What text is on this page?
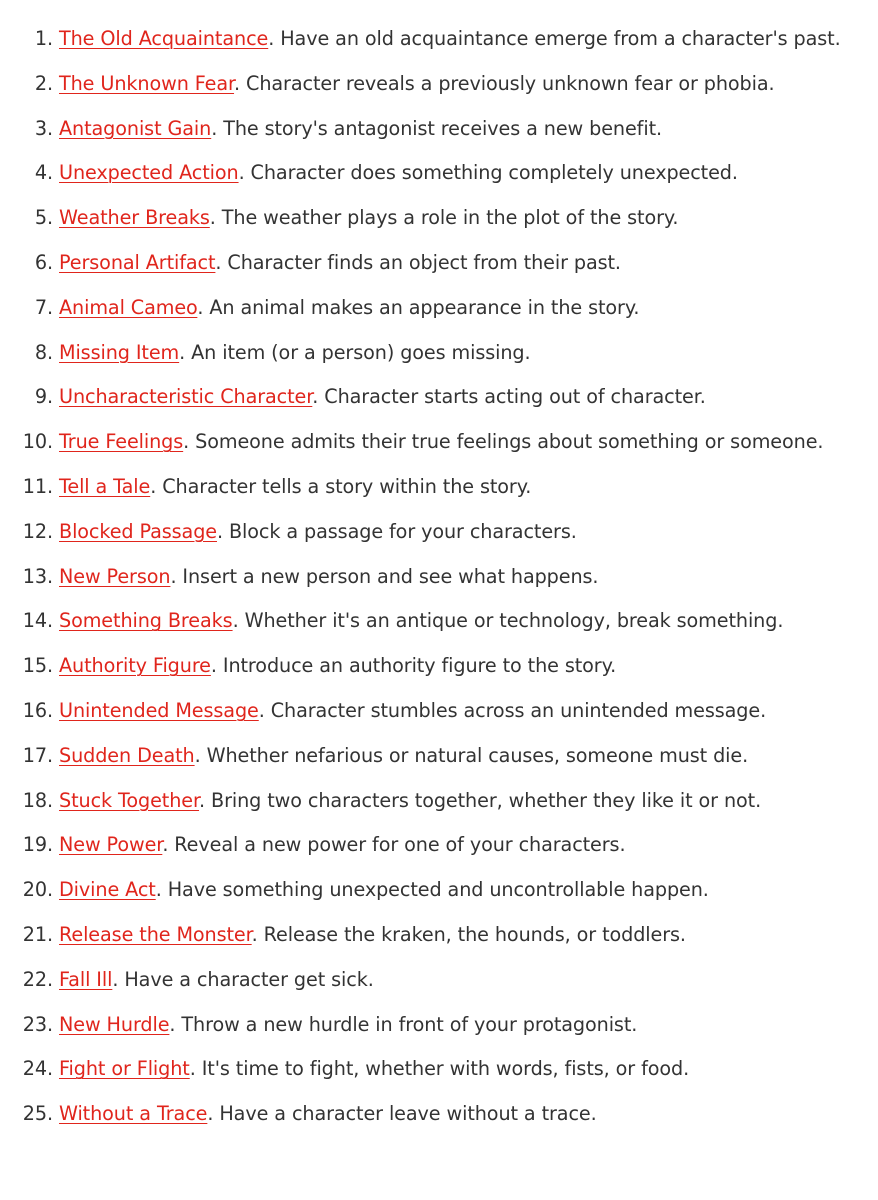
1. The Old Acquaintance. Have an old acquaintance emerge from a character's past.
2. The Unknown Fear. Character reveals a previously unknown fear or phobia.
3. Antagonist Gain. The story's antagonist receives a new benefit.
4. Unexpected Action. Character does something completely unexpected.
5. Weather Breaks. The weather plays a role in the plot of the story.
6. Personal Artifact. Character finds an object from their past.
7. Animal Cameo. An animal makes an appearance in the story.
8. Missing Item. An item (or a person) goes missing.
9. Uncharacteristic Character. Character starts acting out of character.
10. True Feelings. Someone admits their true feelings about something or someone.
11. Tell a Tale. Character tells a story within the story.
12. Blocked Passage. Block a passage for your characters.
13. New Person. Insert a new person and see what happens.
14. Something Breaks. Whether it's an antique or technology, break something.
15. Authority Figure. Introduce an authority figure to the story.
16. Unintended Message. Character stumbles across an unintended message.
17. Sudden Death. Whether nefarious or natural causes, someone must die.
18. Stuck Together. Bring two characters together, whether they like it or not.
19. New Power. Reveal a new power for one of your characters.
20. Divine Act. Have something unexpected and uncontrollable happen.
21. Release the Monster. Release the kraken, the hounds, or toddlers.
22. Fall Ill. Have a character get sick.
23. New Hurdle. Throw a new hurdle in front of your protagonist.
24. Fight or Flight. It's time to fight, whether with words, fists, or food.
25. Without a Trace. Have a character leave without a trace.
